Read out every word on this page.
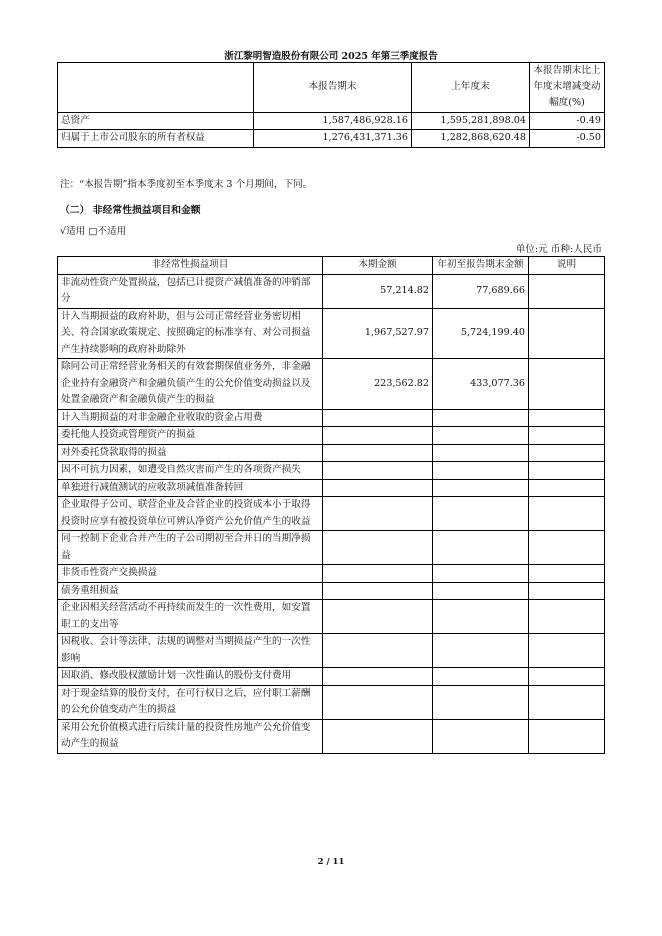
浙江黎明智造股份有限公司 2025 年第三季度报告
	本报告期末	上年度末	本报告期末比上年度末增减变动幅度(%)
总资产	1,587,486,928.16	1,595,281,898.04	-0.49
归属于上市公司股东的所有者权益	1,276,431,371.36	1,282,868,620.48	-0.50
注：“本报告期”指本季度初至本季度末 3 个月期间，下同。
（二） 非经常性损益项目和金额
√适用 □不适用
单位:元 币种:人民币
非经常性损益项目	本期金额	年初至报告期末金额	说明
非流动性资产处置损益，包括已计提资产减值准备的冲销部分	57,214.82	77,689.66	
计入当期损益的政府补助，但与公司正常经营业务密切相关、符合国家政策规定、按照确定的标准享有、对公司损益产生持续影响的政府补助除外	1,967,527.97	5,724,199.40	
除同公司正常经营业务相关的有效套期保值业务外，非金融企业持有金融资产和金融负债产生的公允价值变动损益以及处置金融资产和金融负债产生的损益	223,562.82	433,077.36	
计入当期损益的对非金融企业收取的资金占用费			
委托他人投资或管理资产的损益			
对外委托贷款取得的损益			
因不可抗力因素，如遭受自然灾害而产生的各项资产损失			
单独进行减值测试的应收款项减值准备转回			
企业取得子公司、联营企业及合营企业的投资成本小于取得投资时应享有被投资单位可辨认净资产公允价值产生的收益			
同一控制下企业合并产生的子公司期初至合并日的当期净损益			
非货币性资产交换损益			
债务重组损益			
企业因相关经营活动不再持续而发生的一次性费用，如安置职工的支出等			
因税收、会计等法律、法规的调整对当期损益产生的一次性影响			
因取消、修改股权激励计划一次性确认的股份支付费用			
对于现金结算的股份支付，在可行权日之后，应付职工薪酬的公允价值变动产生的损益			
采用公允价值模式进行后续计量的投资性房地产公允价值变动产生的损益			
2 / 11
